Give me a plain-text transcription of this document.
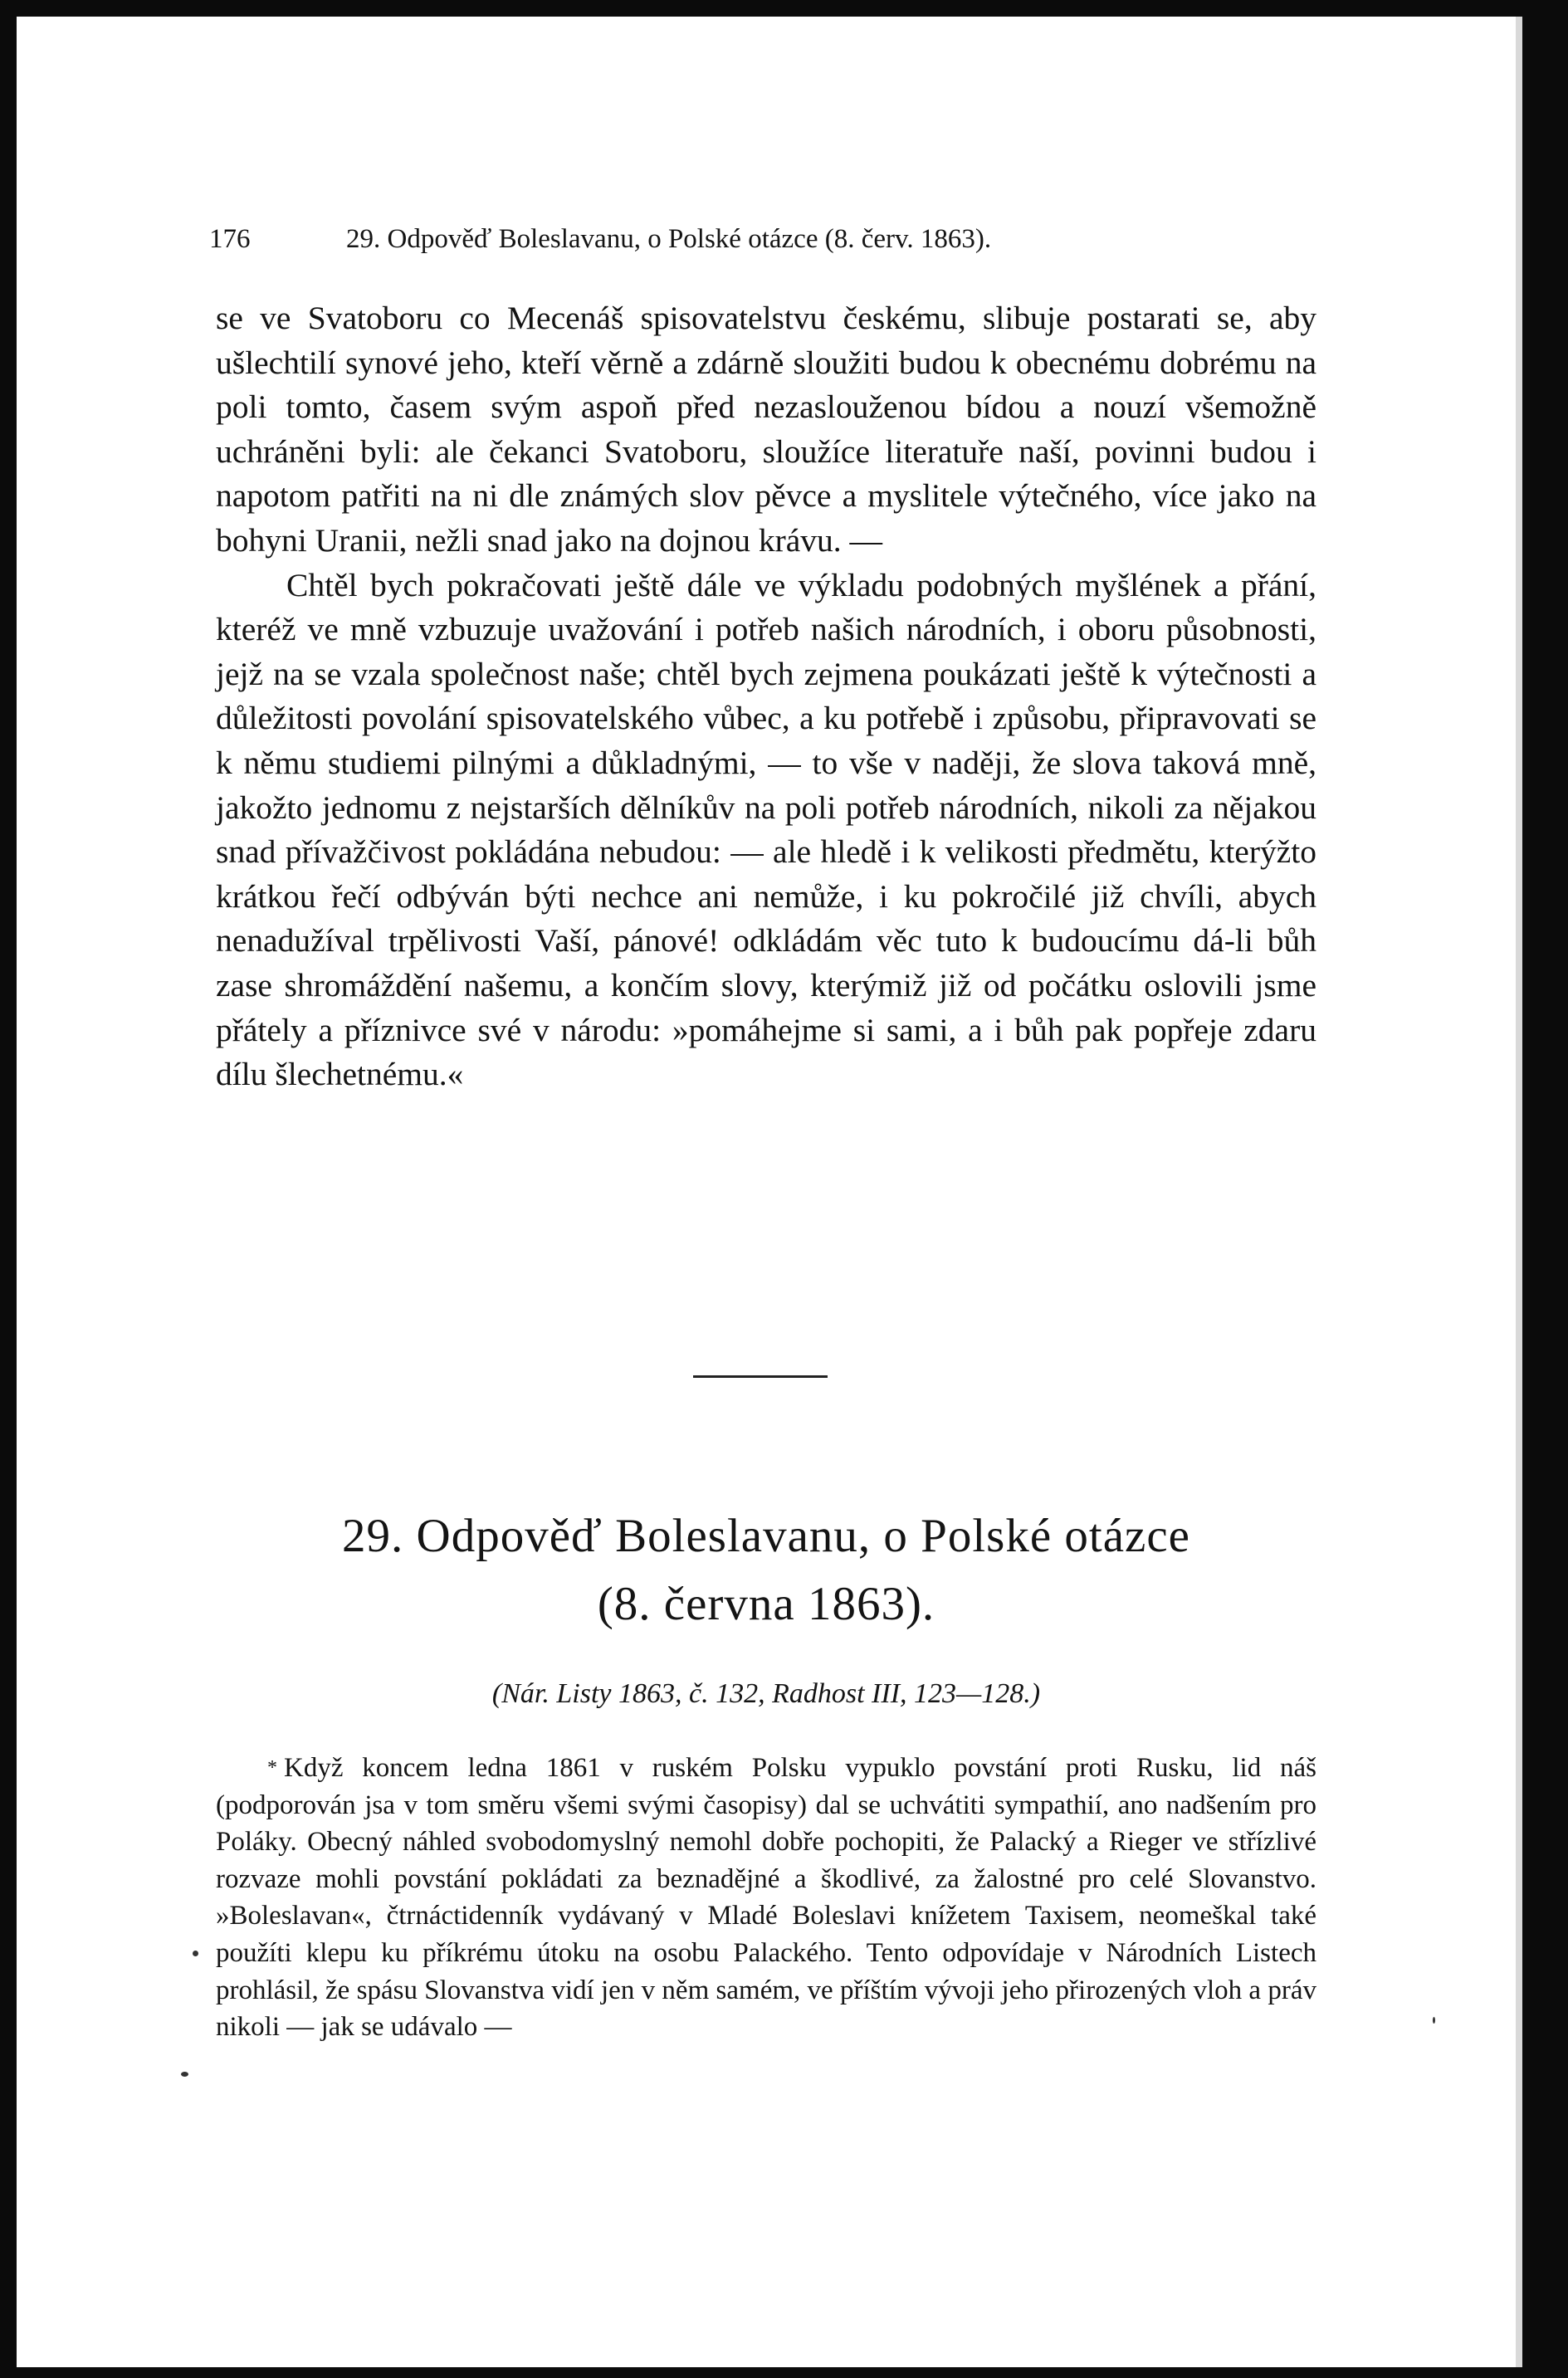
176	29. Odpověď Boleslavanu, o Polské otázce (8. červ. 1863).

se ve Svatoboru co Mecenáš spisovatelstvu českému, slibuje postarati se, aby ušlechtilí synové jeho, kteří věrně a zdárně sloužiti budou k obecnému dobrému na poli tomto, časem svým aspoň před nezaslouženou bídou a nouzí všemožně uchráněni byli: ale čekanci Svatoboru, sloužíce literatuře naší, povinni budou i napotom patřiti na ni dle známých slov pěvce a myslitele výtečného, více jako na bohyni Uranii, nežli snad jako na dojnou krávu. —

Chtěl bych pokračovati ještě dále ve výkladu podobných myšlének a přání, kteréž ve mně vzbuzuje uvažování i potřeb našich národních, i oboru působnosti, jejž na se vzala společnost naše; chtěl bych zejmena poukázati ještě k výtečnosti a důležitosti povolání spisovatelského vůbec, a ku potřebě i způsobu, připravovati se k němu studiemi pilnými a důkladnými, — to vše v naději, že slova taková mně, jakožto jednomu z nejstarších dělníkův na poli potřeb národních, nikoli za nějakou snad přívažčivost pokládána nebudou: — ale hledě i k velikosti předmětu, kterýžto krátkou řečí odbýván býti nechce ani nemůže, i ku pokročilé již chvíli, abych nenadužíval trpělivosti Vaší, pánové! odkládám věc tuto k budoucímu dá-li bůh zase shromáždění našemu, a končím slovy, kterýmiž již od počátku oslovili jsme přátely a příznivce své v národu: »pomáhejme si sami, a i bůh pak popřeje zdaru dílu šlechetnému.«

29. Odpověď Boleslavanu, o Polské otázce
(8. června 1863).
(Nár. Listy 1863, č. 132, Radhost III, 123—128.)

* Když koncem ledna 1861 v ruském Polsku vypuklo povstání proti Rusku, lid náš (podporován jsa v tom směru všemi svými časopisy) dal se uchvátiti sympathií, ano nadšením pro Poláky. Obecný náhled svobodomyslný nemohl dobře pochopiti, že Palacký a Rieger ve střízlivé rozvaze mohli povstání pokládati za beznadějné a škodlivé, za žalostné pro celé Slovanstvo. »Boleslavan«, čtrnáctidenník vydávaný v Mladé Boleslavi knížetem Taxisem, neomeškal také použíti klepu ku příkrému útoku na osobu Palackého. Tento odpovídaje v Národních Listech prohlásil, že spásu Slovanstva vidí jen v něm samém, ve příštím vývoji jeho přirozených vloh a práv nikoli — jak se udávalo —
